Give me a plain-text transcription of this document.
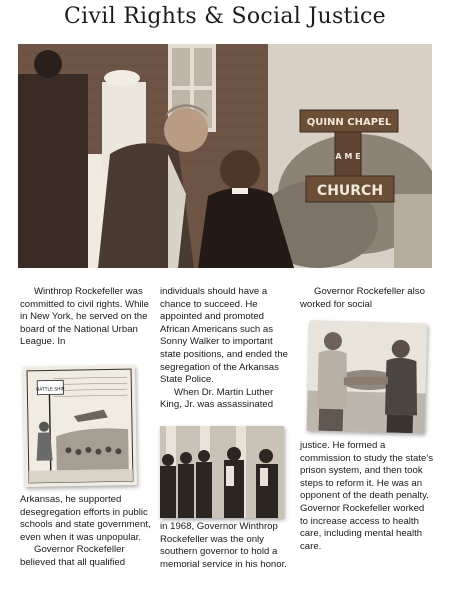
Civil Rights & Social Justice
QUINN CHAPEL
A M E
CHURCH

Winthrop Rockefeller was committed to civil rights. While in New York, he served on the board of the National Urban League. In

BATTLE SHIP

Arkansas, he supported desegregation efforts in public schools and state government, even when it was unpopular.

Governor Rockefeller believed that all qualified

individuals should have a chance to succeed. He appointed and promoted African Americans such as Sonny Walker to important state positions, and ended the segregation of the Arkansas State Police.

When Dr. Martin Luther King, Jr. was assassinated

in 1968, Governor Winthrop Rockefeller was the only southern governor to hold a memorial service in his honor.

Governor Rockefeller also worked for social

justice. He formed a commission to study the state's prison system, and then took steps to reform it. He was an opponent of the death penalty. Governor Rockefeller worked to increase access to health care, including mental health care.
